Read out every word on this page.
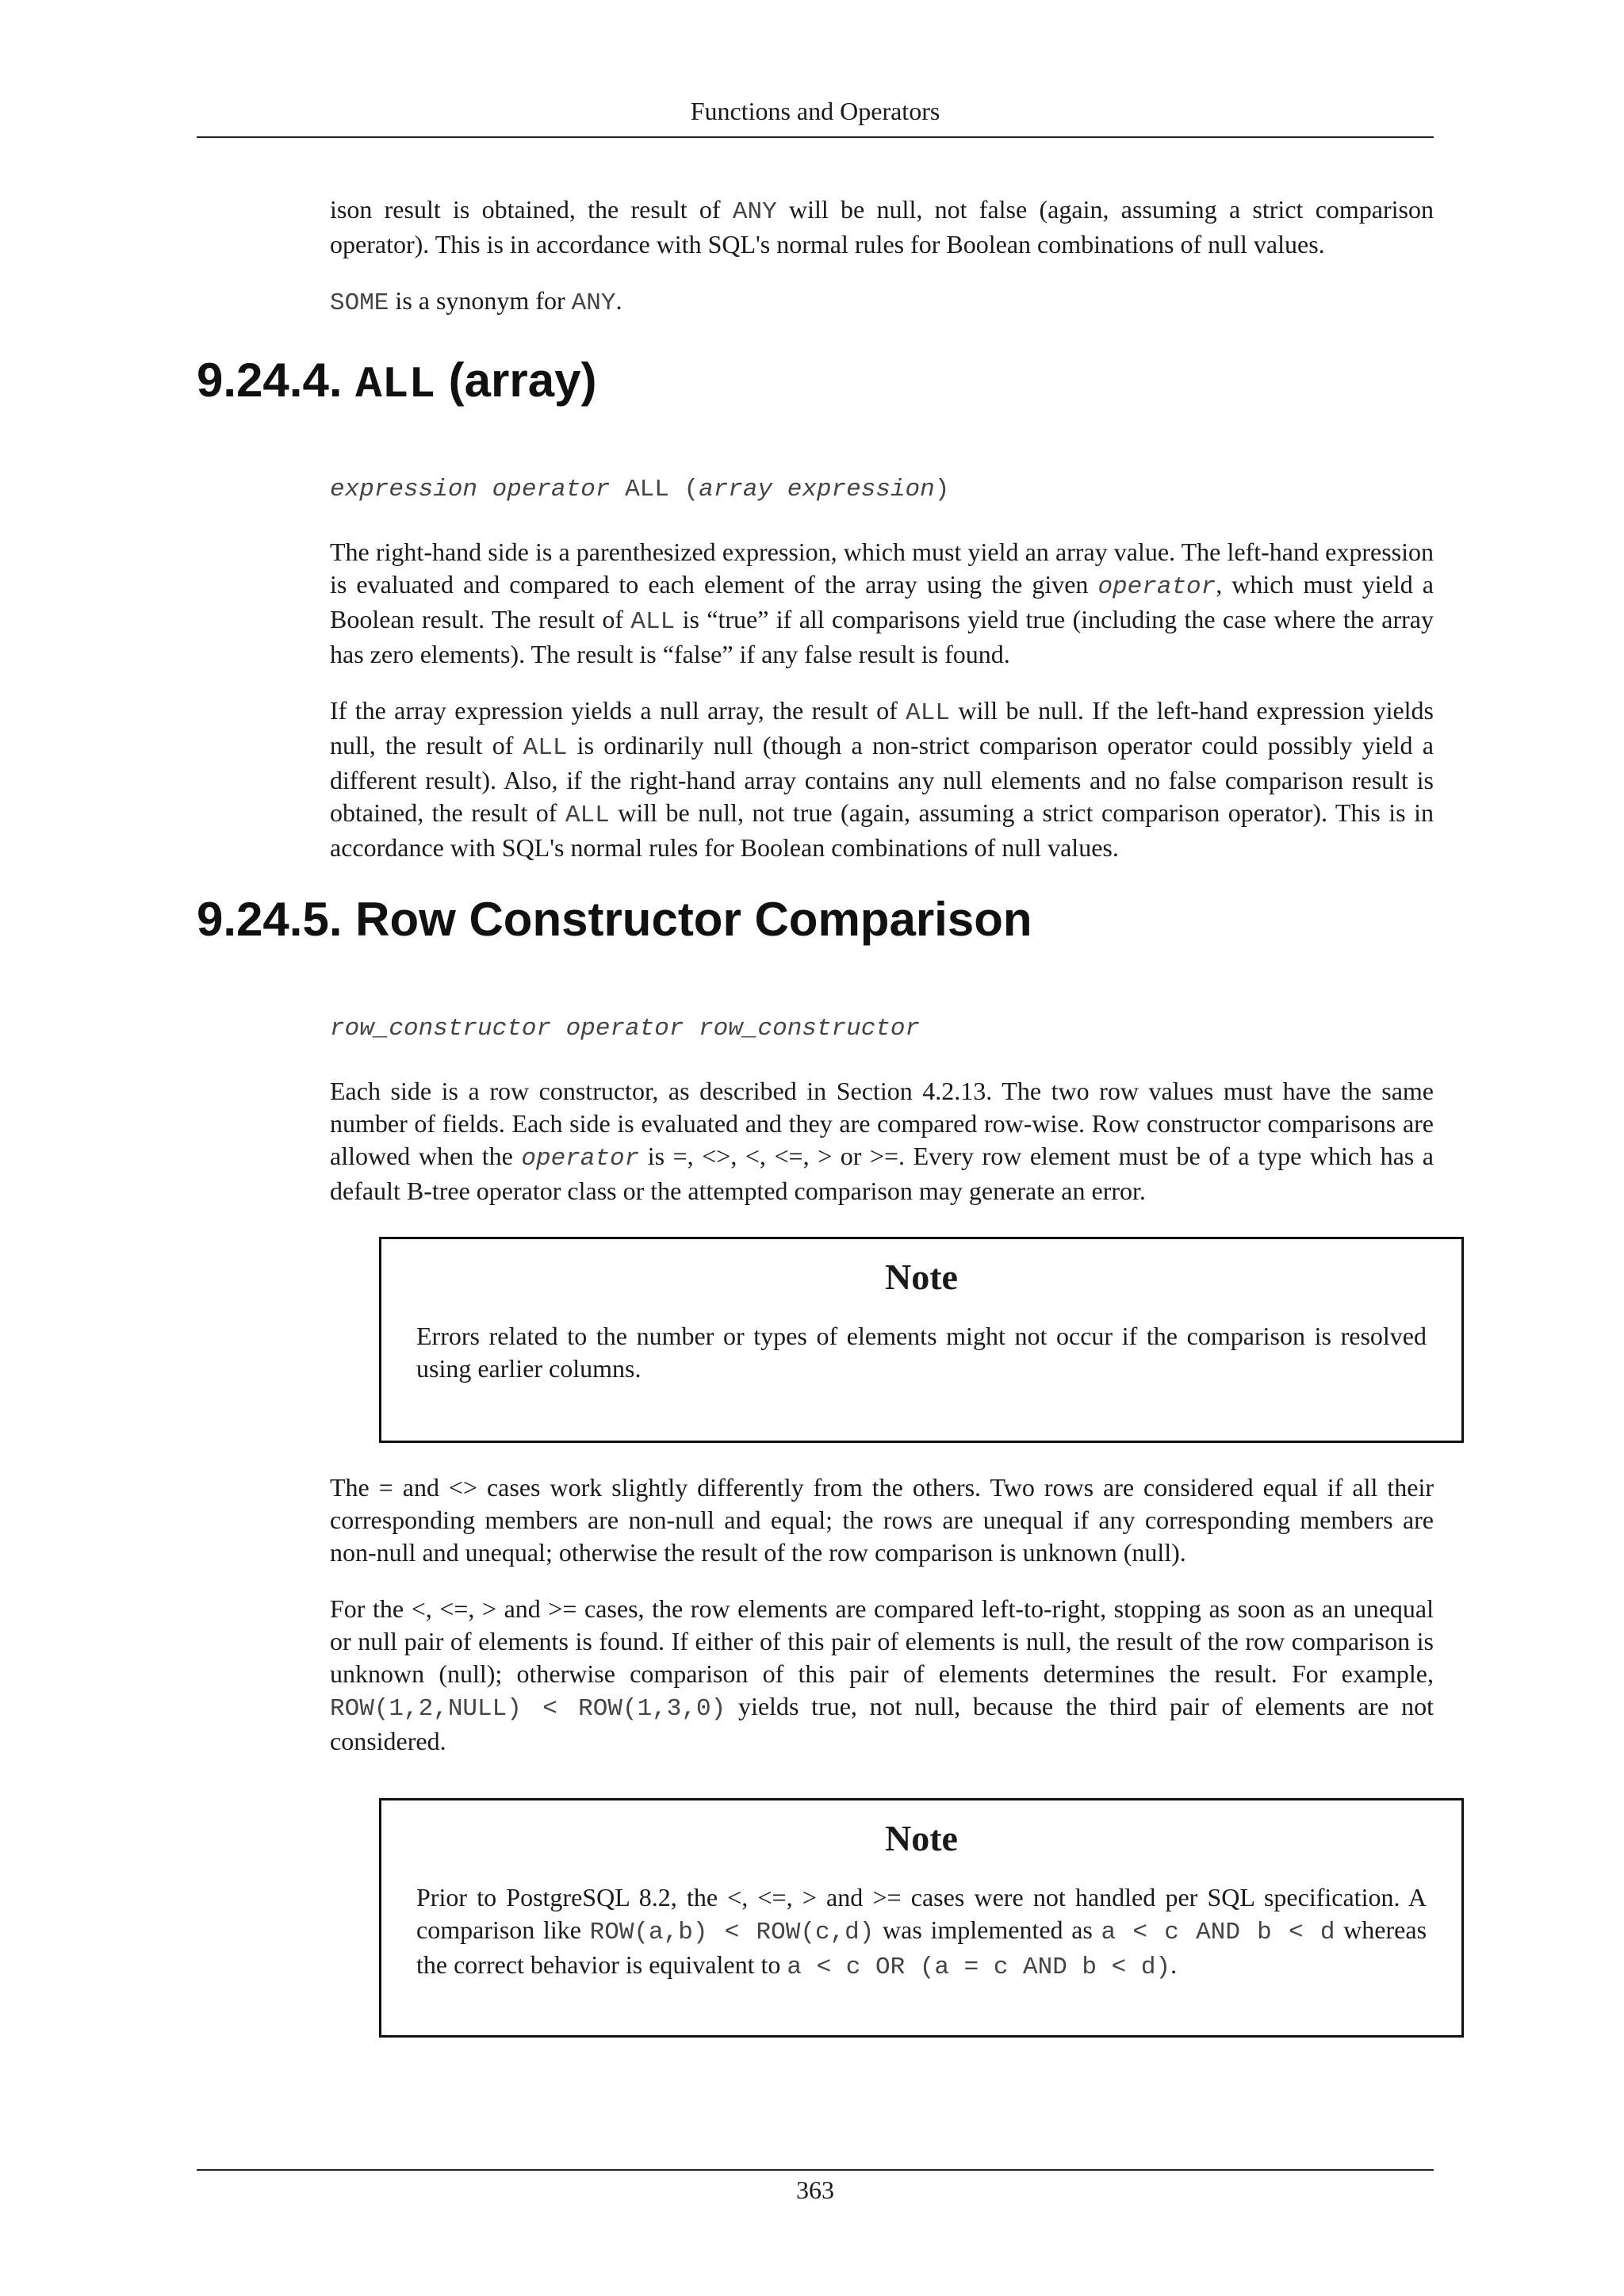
Functions and Operators

ison result is obtained, the result of ANY will be null, not false (again, assuming a strict comparison operator). This is in accordance with SQL's normal rules for Boolean combinations of null values.

SOME is a synonym for ANY.

9.24.4. ALL (array)
expression operator ALL (array expression)

The right-hand side is a parenthesized expression, which must yield an array value. The left-hand expression is evaluated and compared to each element of the array using the given operator, which must yield a Boolean result. The result of ALL is “true” if all comparisons yield true (including the case where the array has zero elements). The result is “false” if any false result is found.

If the array expression yields a null array, the result of ALL will be null. If the left-hand expression yields null, the result of ALL is ordinarily null (though a non-strict comparison operator could possibly yield a different result). Also, if the right-hand array contains any null elements and no false comparison result is obtained, the result of ALL will be null, not true (again, assuming a strict comparison operator). This is in accordance with SQL's normal rules for Boolean combinations of null values.

9.24.5. Row Constructor Comparison
row_constructor operator row_constructor

Each side is a row constructor, as described in Section 4.2.13. The two row values must have the same number of fields. Each side is evaluated and they are compared row-wise. Row constructor comparisons are allowed when the operator is =, <>, <, <=, > or >=. Every row element must be of a type which has a default B-tree operator class or the attempted comparison may generate an error.

Note

Errors related to the number or types of elements might not occur if the comparison is resolved using earlier columns.

The = and <> cases work slightly differently from the others. Two rows are considered equal if all their corresponding members are non-null and equal; the rows are unequal if any corresponding members are non-null and unequal; otherwise the result of the row comparison is unknown (null).

For the <, <=, > and >= cases, the row elements are compared left-to-right, stopping as soon as an unequal or null pair of elements is found. If either of this pair of elements is null, the result of the row comparison is unknown (null); otherwise comparison of this pair of elements determines the result. For example, ROW(1,2,NULL) < ROW(1,3,0) yields true, not null, because the third pair of elements are not considered.

Note

Prior to PostgreSQL 8.2, the <, <=, > and >= cases were not handled per SQL specification. A comparison like ROW(a,b) < ROW(c,d) was implemented as a < c AND b < d whereas the correct behavior is equivalent to a < c OR (a = c AND b < d).

363
